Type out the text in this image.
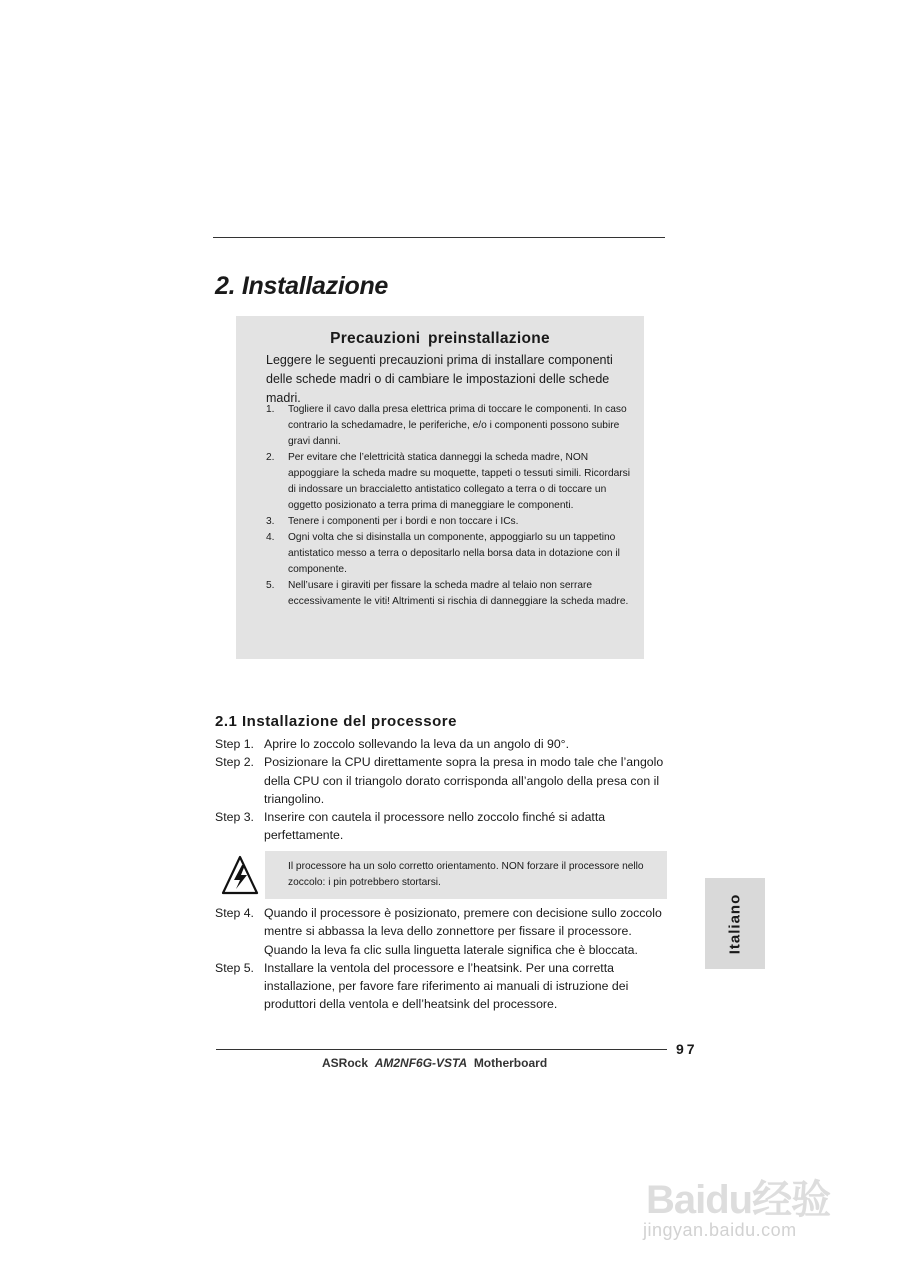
2. Installazione
Precauzioni preinstallazione
Leggere le seguenti precauzioni prima di installare componenti delle schede madri o di cambiare le impostazioni delle schede madri.
1. Togliere il cavo dalla presa elettrica prima di toccare le componenti. In caso contrario la schedamadre, le periferiche, e/o i componenti possono subire gravi danni.
2. Per evitare che l’elettricità statica danneggi la scheda madre, NON appoggiare la scheda madre su moquette, tappeti o tessuti simili. Ricordarsi di indossare un braccialetto antistatico collegato a terra o di toccare un oggetto posizionato a terra prima di maneggiare le componenti.
3. Tenere i componenti per i bordi e non toccare i ICs.
4. Ogni volta che si disinstalla un componente, appoggiarlo su un tappetino antistatico messo a terra o depositarlo nella borsa data in dotazione con il componente.
5. Nell’usare i giraviti per fissare la scheda madre al telaio non serrare eccessivamente le viti! Altrimenti si rischia di danneggiare la scheda madre.
2.1 Installazione del processore
Step 1. Aprire lo zoccolo sollevando la leva da un angolo di 90°.
Step 2. Posizionare la CPU direttamente sopra la presa in modo tale che l’angolo della CPU con il triangolo dorato corrisponda all’angolo della presa con il triangolino.
Step 3. Inserire con cautela il processore nello zoccolo finché si adatta perfettamente.
Il processore ha un solo corretto orientamento. NON forzare il processore nello zoccolo: i pin potrebbero stortarsi.
Step 4. Quando il processore è posizionato, premere con decisione sullo zoccolo mentre si abbassa la leva dello zonnettore per fissare il processore. Quando la leva fa clic sulla linguetta laterale significa che è bloccata.
Step 5. Installare la ventola del processore e l’heatsink. Per una corretta installazione, per favore fare riferimento ai manuali di istruzione dei produttori della ventola e dell’heatsink del processore.
Italiano
97
ASRock AM2NF6G-VSTA Motherboard
Baidu经验
jingyan.baidu.com
